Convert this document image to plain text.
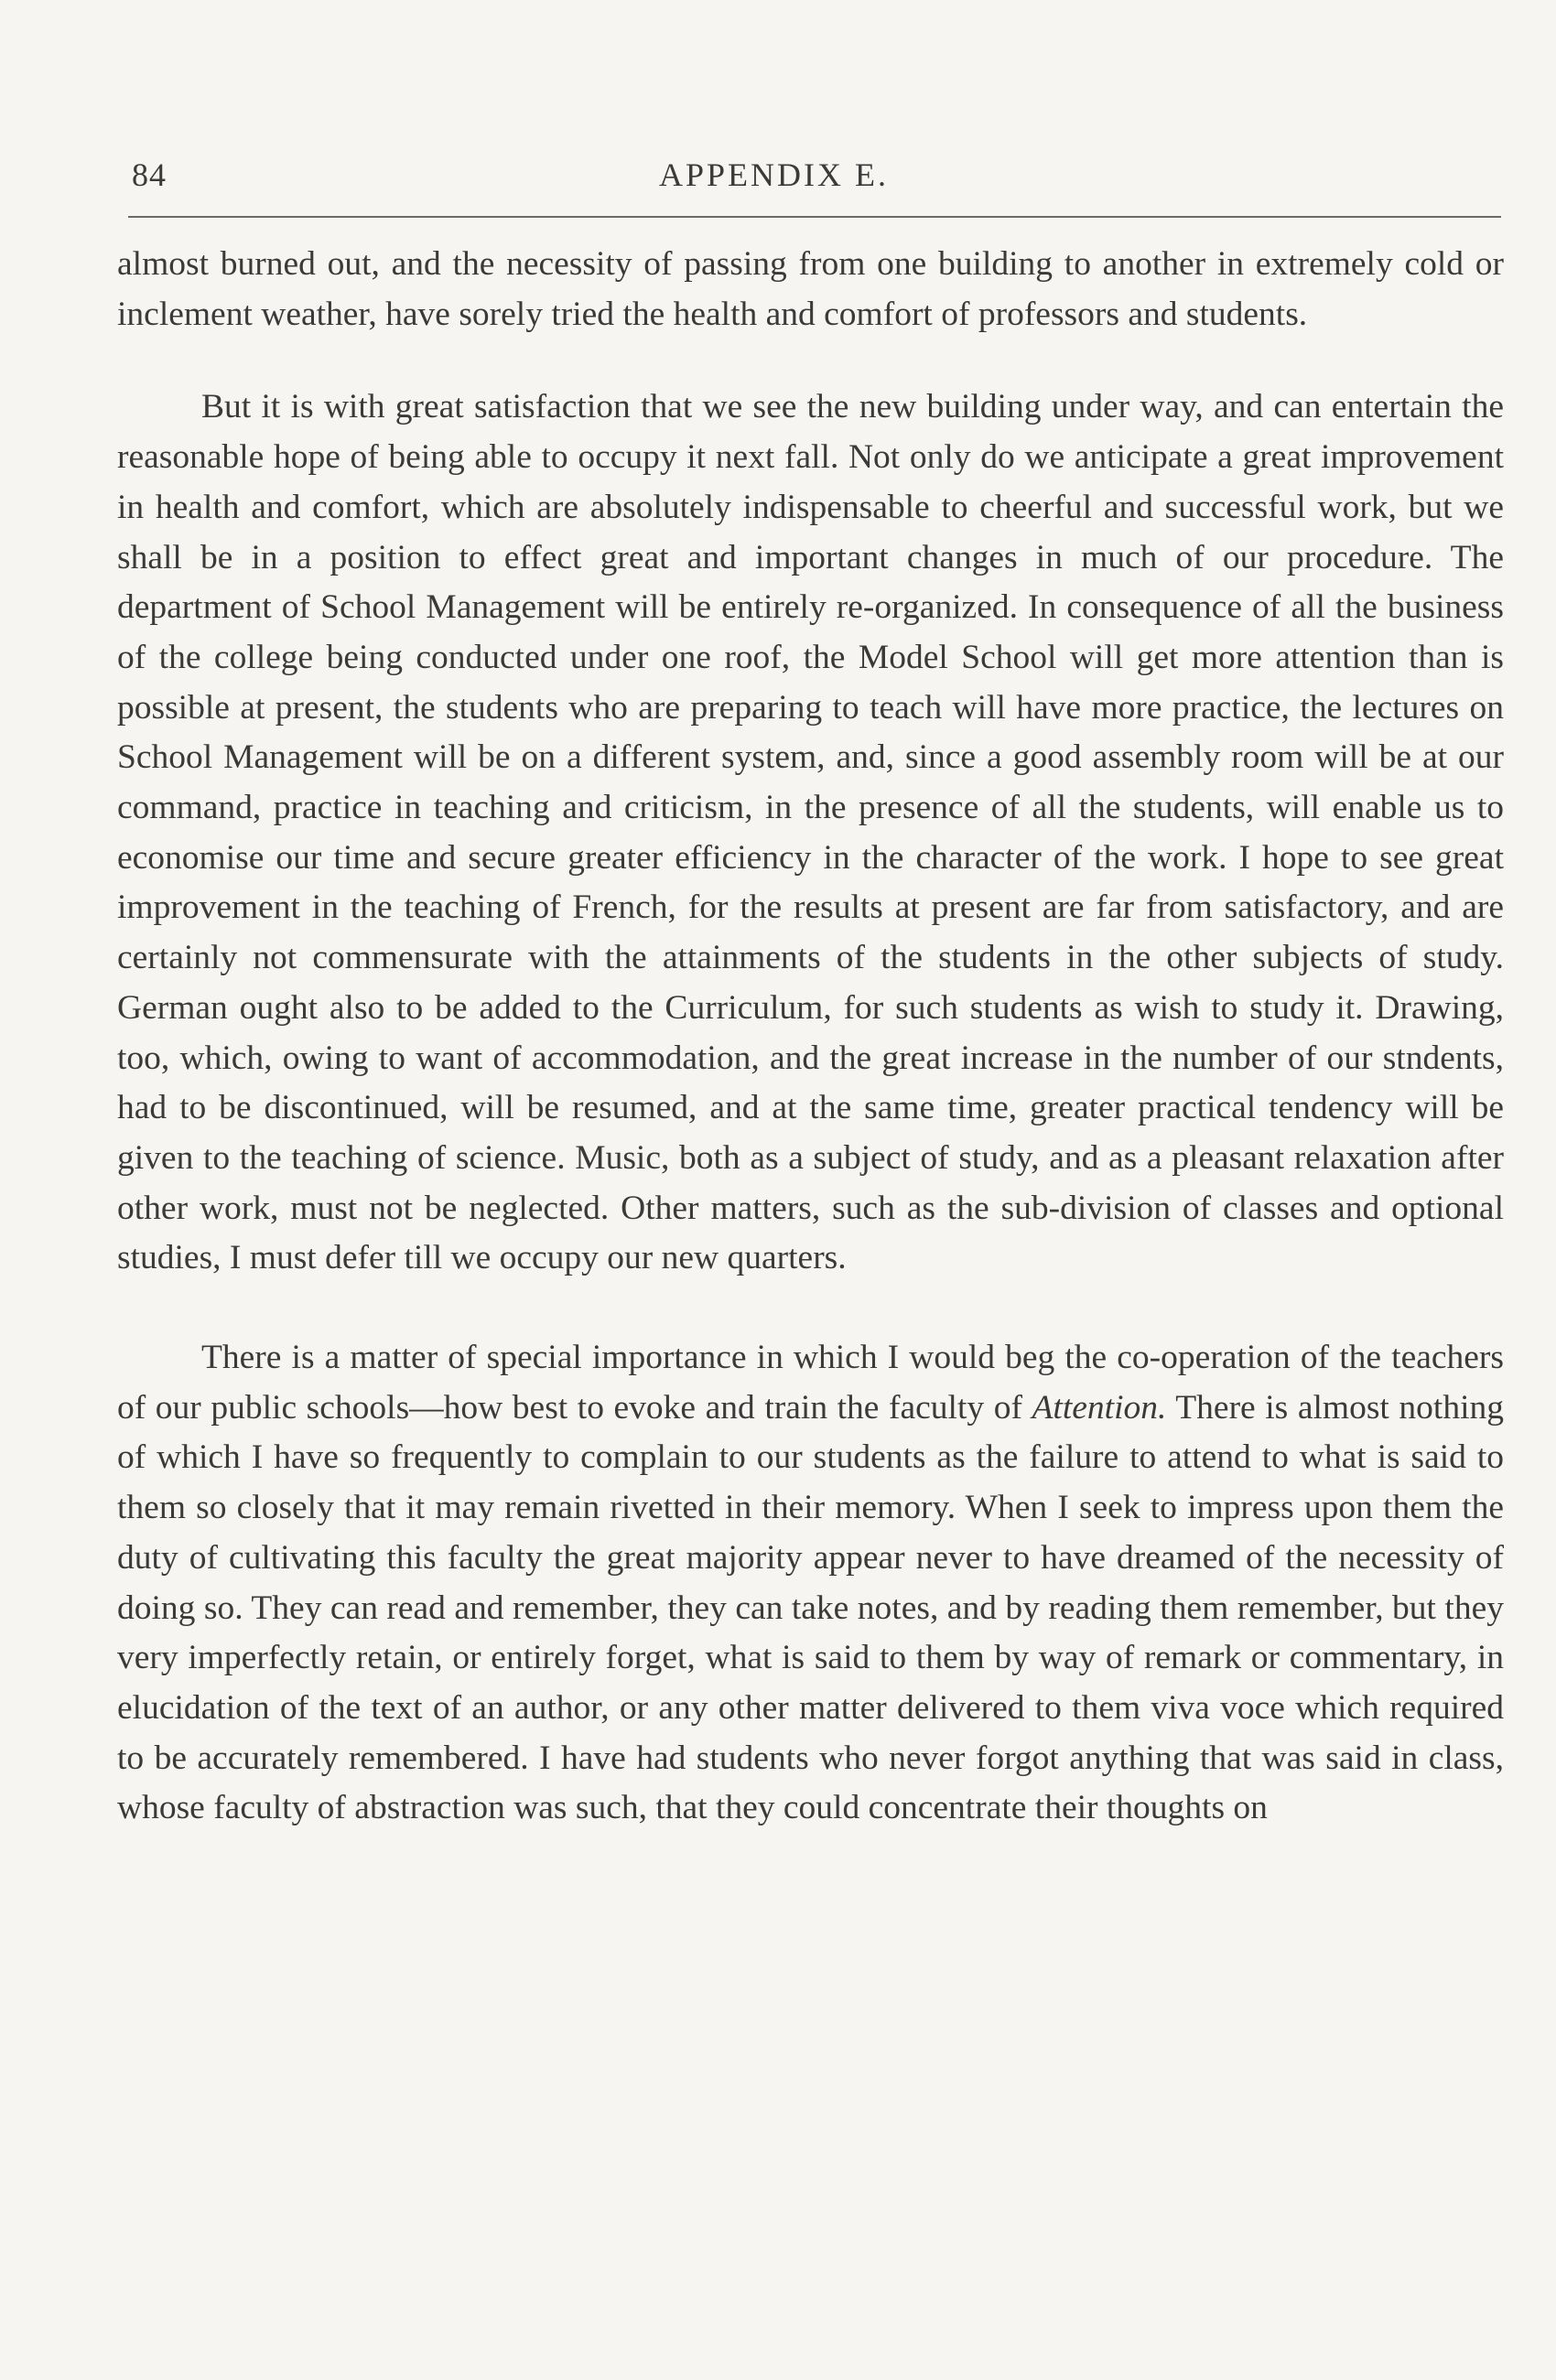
84	APPENDIX E.

almost burned out, and the necessity of passing from one building to another in extremely cold or inclement weather, have sorely tried the health and comfort of professors and students.

But it is with great satisfaction that we see the new building under way, and can entertain the reasonable hope of being able to occupy it next fall. Not only do we anticipate a great improvement in health and comfort, which are absolutely indispensable to cheerful and successful work, but we shall be in a position to effect great and important changes in much of our procedure. The department of School Management will be entirely re-organized. In consequence of all the business of the college being conducted under one roof, the Model School will get more attention than is possible at present, the students who are preparing to teach will have more practice, the lectures on School Management will be on a different system, and, since a good assembly room will be at our command, practice in teaching and criticism, in the presence of all the students, will enable us to economise our time and secure greater efficiency in the character of the work. I hope to see great improvement in the teaching of French, for the results at present are far from satisfactory, and are certainly not commensurate with the attainments of the students in the other subjects of study. German ought also to be added to the Curriculum, for such students as wish to study it. Drawing, too, which, owing to want of accommodation, and the great increase in the number of our stndents, had to be discontinued, will be resumed, and at the same time, greater practical tendency will be given to the teaching of science. Music, both as a subject of study, and as a pleasant relaxation after other work, must not be neglected. Other matters, such as the sub-division of classes and optional studies, I must defer till we occupy our new quarters.

There is a matter of special importance in which I would beg the co-operation of the teachers of our public schools—how best to evoke and train the faculty of Attention. There is almost nothing of which I have so frequently to complain to our students as the failure to attend to what is said to them so closely that it may remain rivetted in their memory. When I seek to impress upon them the duty of cultivating this faculty the great majority appear never to have dreamed of the necessity of doing so. They can read and remember, they can take notes, and by reading them remember, but they very imperfectly retain, or entirely forget, what is said to them by way of remark or commentary, in elucidation of the text of an author, or any other matter delivered to them viva voce which required to be accurately remembered. I have had students who never forgot anything that was said in class, whose faculty of abstraction was such, that they could concentrate their thoughts on
